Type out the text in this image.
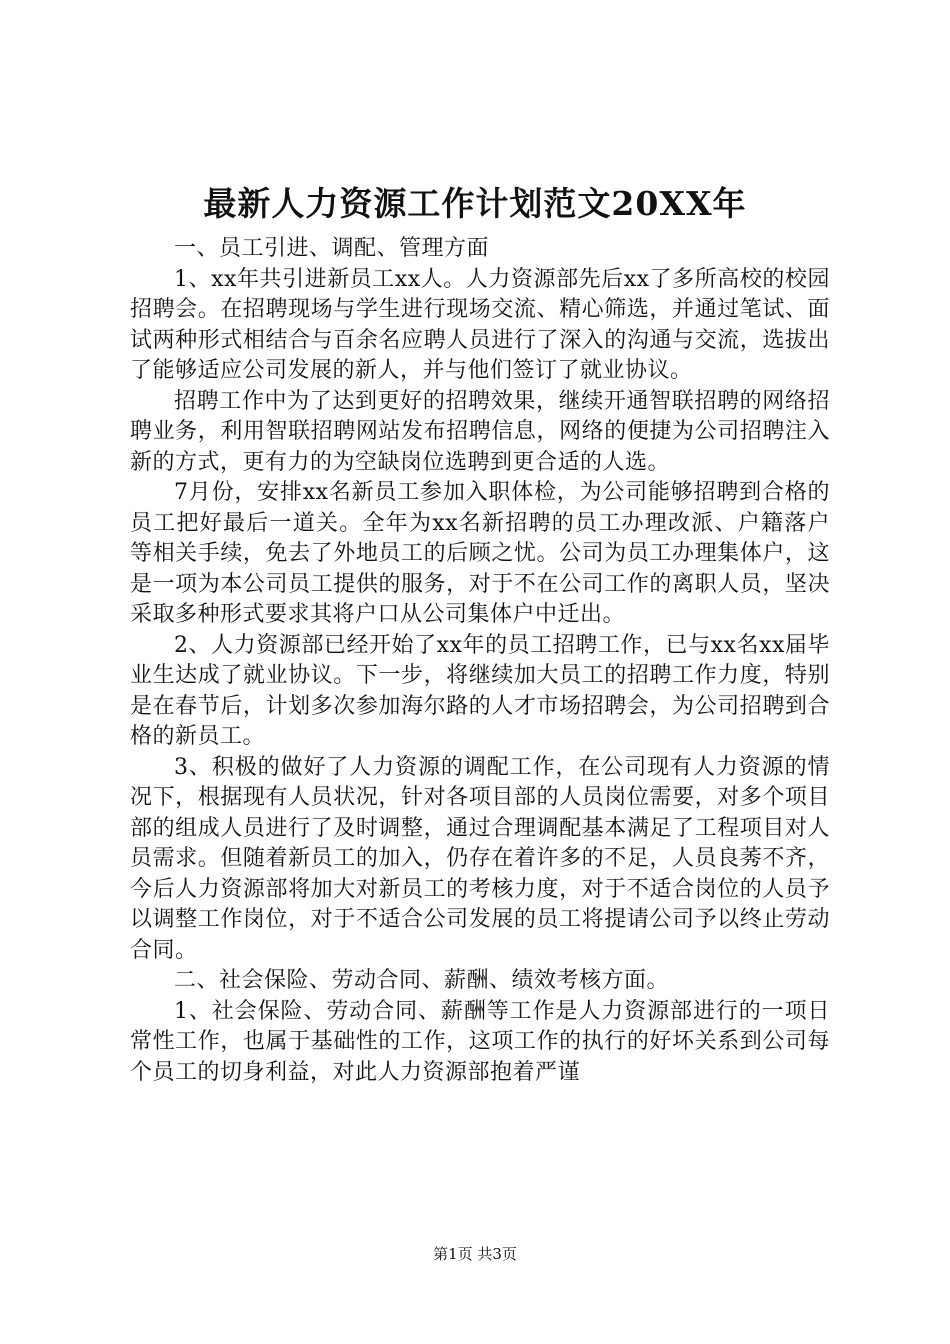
最新人力资源工作计划范文20XX年

一、员工引进、调配、管理方面

1、xx年共引进新员工xx人。人力资源部先后xx了多所高校的校园招聘会。在招聘现场与学生进行现场交流、精心筛选，并通过笔试、面试两种形式相结合与百余名应聘人员进行了深入的沟通与交流，选拔出了能够适应公司发展的新人，并与他们签订了就业协议。

招聘工作中为了达到更好的招聘效果，继续开通智联招聘的网络招聘业务，利用智联招聘网站发布招聘信息，网络的便捷为公司招聘注入新的方式，更有力的为空缺岗位选聘到更合适的人选。

7月份，安排xx名新员工参加入职体检，为公司能够招聘到合格的员工把好最后一道关。全年为xx名新招聘的员工办理改派、户籍落户等相关手续，免去了外地员工的后顾之忧。公司为员工办理集体户，这是一项为本公司员工提供的服务，对于不在公司工作的离职人员，坚决采取多种形式要求其将户口从公司集体户中迁出。

2、人力资源部已经开始了xx年的员工招聘工作，已与xx名xx届毕业生达成了就业协议。下一步，将继续加大员工的招聘工作力度，特别是在春节后，计划多次参加海尔路的人才市场招聘会，为公司招聘到合格的新员工。

3、积极的做好了人力资源的调配工作，在公司现有人力资源的情况下，根据现有人员状况，针对各项目部的人员岗位需要，对多个项目部的组成人员进行了及时调整，通过合理调配基本满足了工程项目对人员需求。但随着新员工的加入，仍存在着许多的不足，人员良莠不齐，今后人力资源部将加大对新员工的考核力度，对于不适合岗位的人员予以调整工作岗位，对于不适合公司发展的员工将提请公司予以终止劳动合同。

二、社会保险、劳动合同、薪酬、绩效考核方面。

1、社会保险、劳动合同、薪酬等工作是人力资源部进行的一项日常性工作，也属于基础性的工作，这项工作的执行的好坏关系到公司每个员工的切身利益，对此人力资源部抱着严谨

第1页 共3页
